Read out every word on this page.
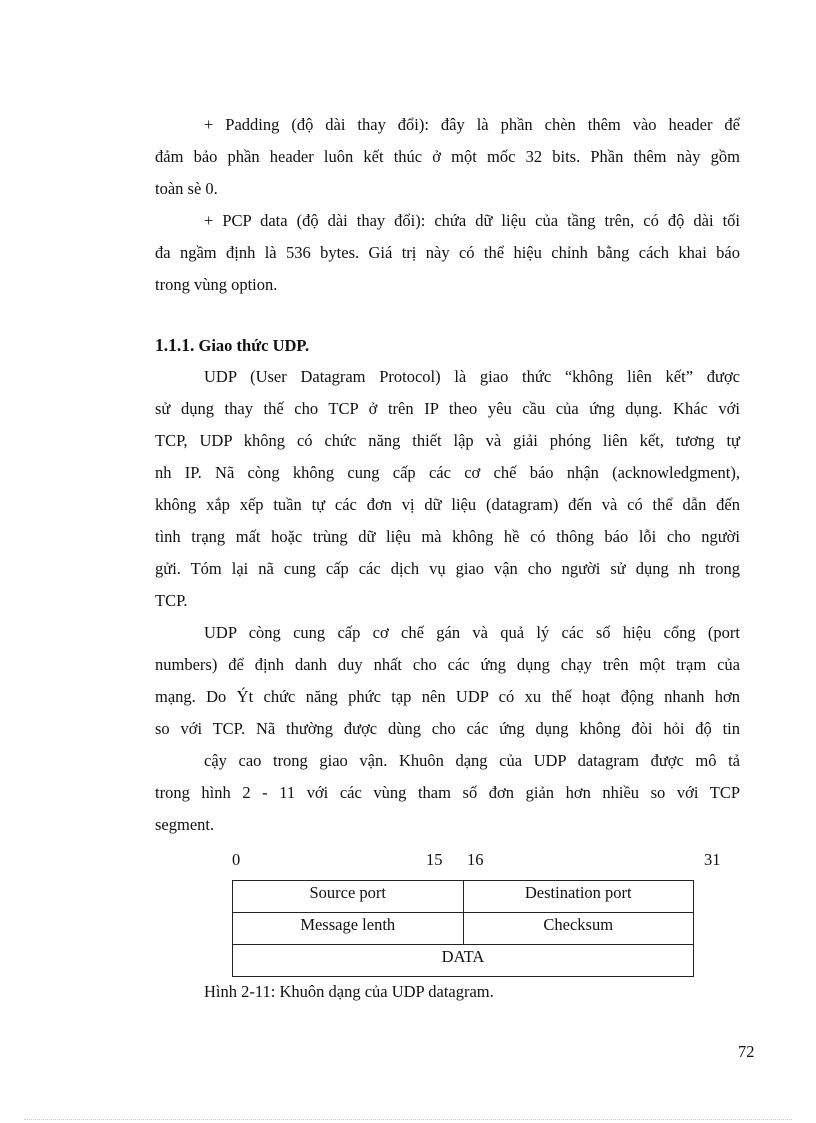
+ Padding (độ dài thay đổi): đây là phần chèn thêm vào header để
đảm bảo phần header luôn kết thúc ở một mốc 32 bits. Phần thêm này gồm
toàn sè 0.
+ PCP data (độ dài thay đổi): chứa dữ liệu của tầng trên, có độ dài tối
đa ngầm định là 536 bytes. Giá trị này có thể hiệu chỉnh bằng cách khai báo
trong vùng option.
1.1.1. Giao thức UDP.
UDP (User Datagram Protocol) là giao thức “không liên kết” được
sử dụng thay thế cho TCP ở trên IP theo yêu cầu của ứng dụng. Khác với
TCP, UDP không có chức năng thiết lập và giải phóng liên kết, tương tự
nh IP. Nã còng không cung cấp các cơ chế báo nhận (acknowledgment),
không xắp xếp tuần tự các đơn vị dữ liệu (datagram) đến và có thể dẫn đến
tình trạng mất hoặc trùng dữ liệu mà không hề có thông báo lỗi cho người
gửi. Tóm lại nã cung cấp các dịch vụ giao vận cho người sử dụng nh trong
TCP.
UDP còng cung cấp cơ chế gán và quả lý các số hiệu cổng (port
numbers) để định danh duy nhất cho các ứng dụng chạy trên một trạm của
mạng. Do Ýt chức năng phức tạp nên UDP có xu thế hoạt động nhanh hơn
so với TCP. Nã thường được dùng cho các ứng dụng không đòi hỏi độ tin
cậy cao trong giao vận. Khuôn dạng của UDP datagram được mô tả
trong hình 2 - 11 với các vùng tham số đơn giản hơn nhiều so với TCP
segment.
0	15 16	31
Source port	Destination port
Message lenth	Checksum
DATA	
Hình 2-11: Khuôn dạng của UDP datagram.
72
